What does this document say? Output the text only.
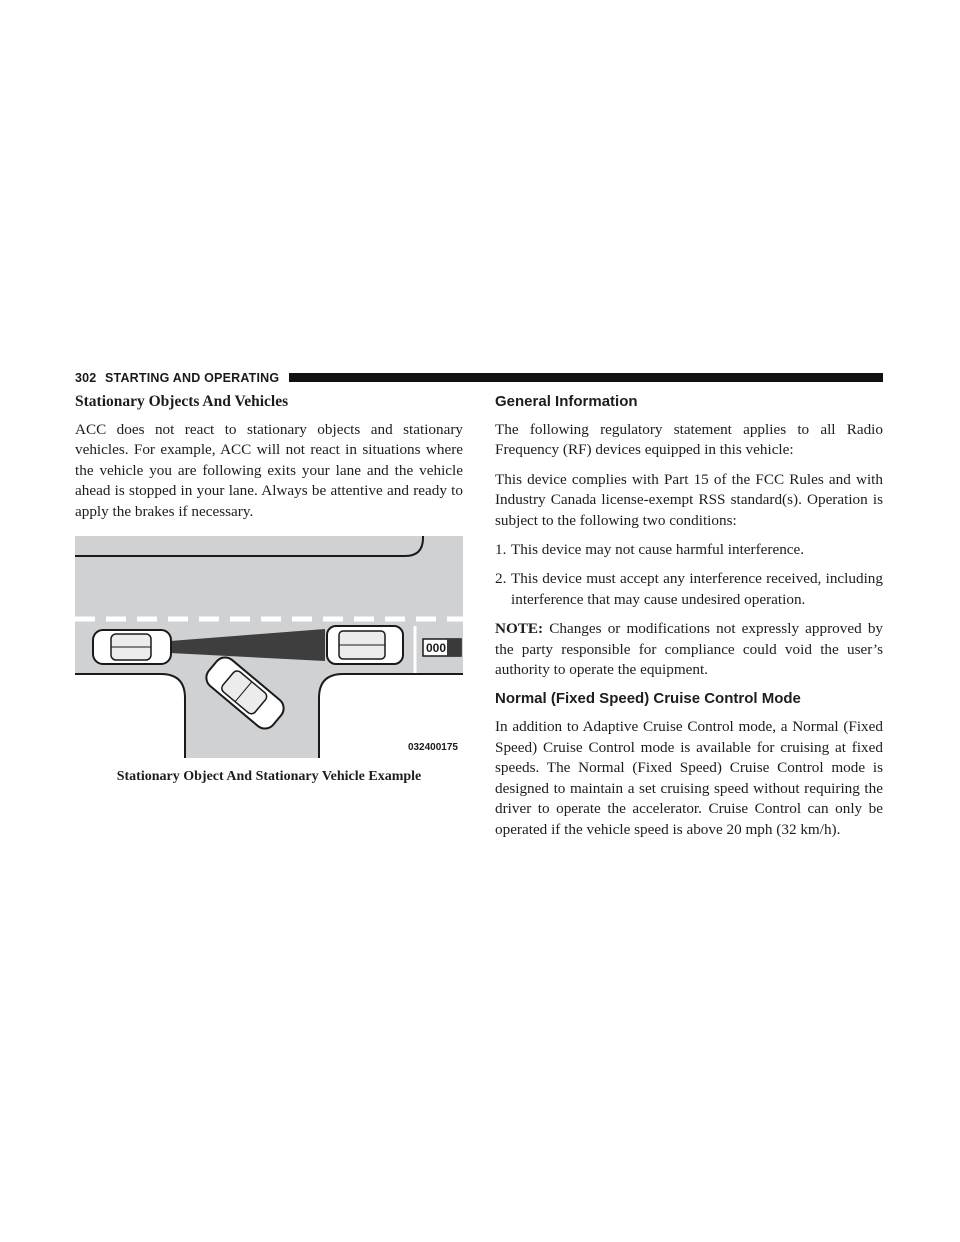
302 STARTING AND OPERATING
Stationary Objects And Vehicles

ACC does not react to stationary objects and stationary vehicles. For example, ACC will not react in situations where the vehicle you are following exits your lane and the vehicle ahead is stopped in your lane. Always be attentive and ready to apply the brakes if necessary.

000
032400175
Stationary Object And Stationary Vehicle Example
General Information

The following regulatory statement applies to all Radio Frequency (RF) devices equipped in this vehicle:

This device complies with Part 15 of the FCC Rules and with Industry Canada license-exempt RSS standard(s). Operation is subject to the following two conditions:

1. This device may not cause harmful interference.
2. This device must accept any interference received, including interference that may cause undesired operation.

NOTE: Changes or modifications not expressly approved by the party responsible for compliance could void the user’s authority to operate the equipment.

Normal (Fixed Speed) Cruise Control Mode

In addition to Adaptive Cruise Control mode, a Normal (Fixed Speed) Cruise Control mode is available for cruising at fixed speeds. The Normal (Fixed Speed) Cruise Control mode is designed to maintain a set cruising speed without requiring the driver to operate the accelerator. Cruise Control can only be operated if the vehicle speed is above 20 mph (32 km/h).
